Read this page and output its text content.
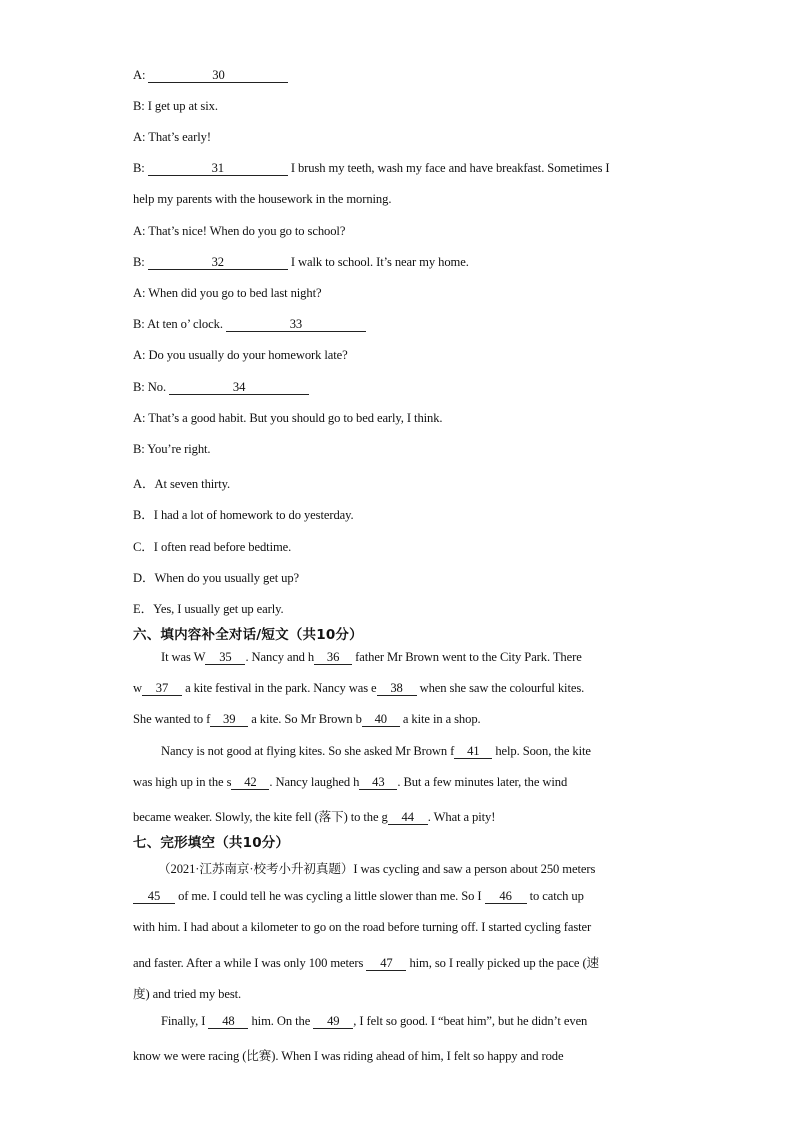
A:	30
B: I get up at six.
A: That’s early!
B:	31	I brush my teeth, wash my face and have breakfast. Sometimes I
help my parents with the housework in the morning.
A: That’s nice! When do you go to school?
B:	32	I walk to school. It’s near my home.
A: When did you go to bed last night?
B: At ten o’ clock.	33
A: Do you usually do your homework late?
B: No.	34
A: That’s a good habit. But you should go to bed early, I think.
B: You’re right.
A．At seven thirty.
B．I had a lot of homework to do yesterday.
C．I often read before bedtime.
D．When do you usually get up?
E．Yes, I usually get up early.
六、填内容补全对话/短文（共10分）
It was W 35 . Nancy and h 36 father Mr Brown went to the City Park. There
w 37 a kite festival in the park. Nancy was e 38 when she saw the colourful kites.
She wanted to f 39 a kite. So Mr Brown b 40 a kite in a shop.
Nancy is not good at flying kites. So she asked Mr Brown f 41 help. Soon, the kite
was high up in the s 42 . Nancy laughed h 43 . But a few minutes later, the wind
became weaker. Slowly, the kite fell (落下) to the g 44 . What a pity!
七、完形填空（共10分）
（2021·江苏南京·校考小升初真题）I was cycling and saw a person about 250 meters
45 of me. I could tell he was cycling a little slower than me. So I 46 to catch up
with him. I had about a kilometer to go on the road before turning off. I started cycling faster
and faster. After a while I was only 100 meters 47 him, so I really picked up the pace (速
度) and tried my best.
Finally, I 48 him. On the 49 , I felt so good. I “beat him”, but he didn’t even
know we were racing (比赛). When I was riding ahead of him, I felt so happy and rode
